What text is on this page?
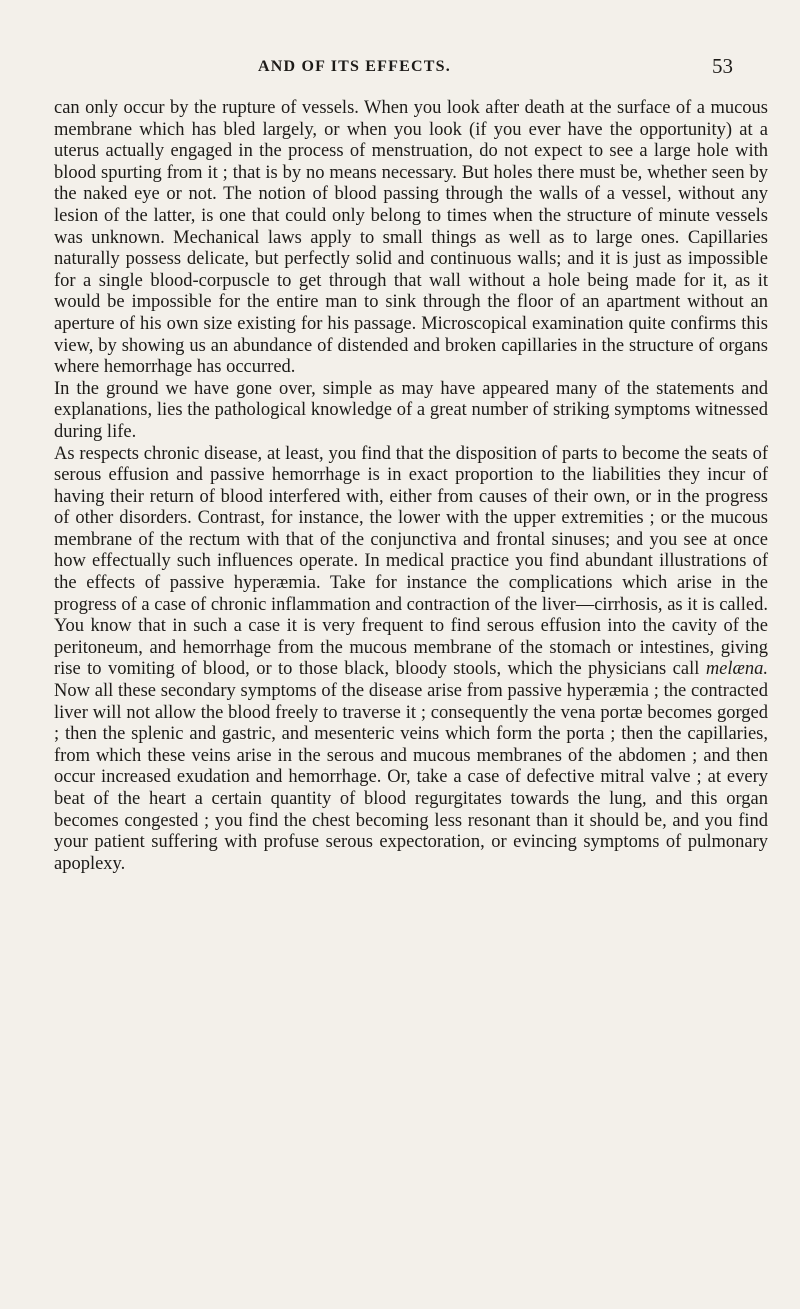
AND OF ITS EFFECTS.	53

can only occur by the rupture of vessels. When you look after death at the surface of a mucous membrane which has bled largely, or when you look (if you ever have the opportunity) at a uterus actually engaged in the process of menstruation, do not expect to see a large hole with blood spurting from it ; that is by no means necessary. But holes there must be, whether seen by the naked eye or not. The notion of blood passing through the walls of a vessel, without any lesion of the latter, is one that could only belong to times when the structure of minute vessels was unknown. Mechanical laws apply to small things as well as to large ones. Capillaries naturally possess delicate, but perfectly solid and continuous walls; and it is just as impossible for a single blood-corpuscle to get through that wall without a hole being made for it, as it would be impossible for the entire man to sink through the floor of an apartment without an aperture of his own size existing for his passage. Microscopical examination quite confirms this view, by showing us an abundance of distended and broken capillaries in the structure of organs where hemorrhage has occurred.

In the ground we have gone over, simple as may have appeared many of the statements and explanations, lies the pathological knowledge of a great number of striking symptoms witnessed during life.

As respects chronic disease, at least, you find that the disposition of parts to become the seats of serous effusion and passive hemorrhage is in exact proportion to the liabilities they incur of having their return of blood interfered with, either from causes of their own, or in the progress of other disorders. Contrast, for instance, the lower with the upper extremities ; or the mucous membrane of the rectum with that of the conjunctiva and frontal sinuses; and you see at once how effectually such influences operate. In medical practice you find abundant illustrations of the effects of passive hyperæmia. Take for instance the complications which arise in the progress of a case of chronic inflammation and contraction of the liver—cirrhosis, as it is called. You know that in such a case it is very frequent to find serous effusion into the cavity of the peritoneum, and hemorrhage from the mucous membrane of the stomach or intestines, giving rise to vomiting of blood, or to those black, bloody stools, which the physicians call melæna. Now all these secondary symptoms of the disease arise from passive hyperæmia ; the contracted liver will not allow the blood freely to traverse it ; consequently the vena portæ becomes gorged ; then the splenic and gastric, and mesenteric veins which form the porta ; then the capillaries, from which these veins arise in the serous and mucous membranes of the abdomen ; and then occur increased exudation and hemorrhage. Or, take a case of defective mitral valve ; at every beat of the heart a certain quantity of blood regurgitates towards the lung, and this organ becomes congested ; you find the chest becoming less resonant than it should be, and you find your patient suffering with profuse serous expectoration, or evincing symptoms of pulmonary apoplexy.
